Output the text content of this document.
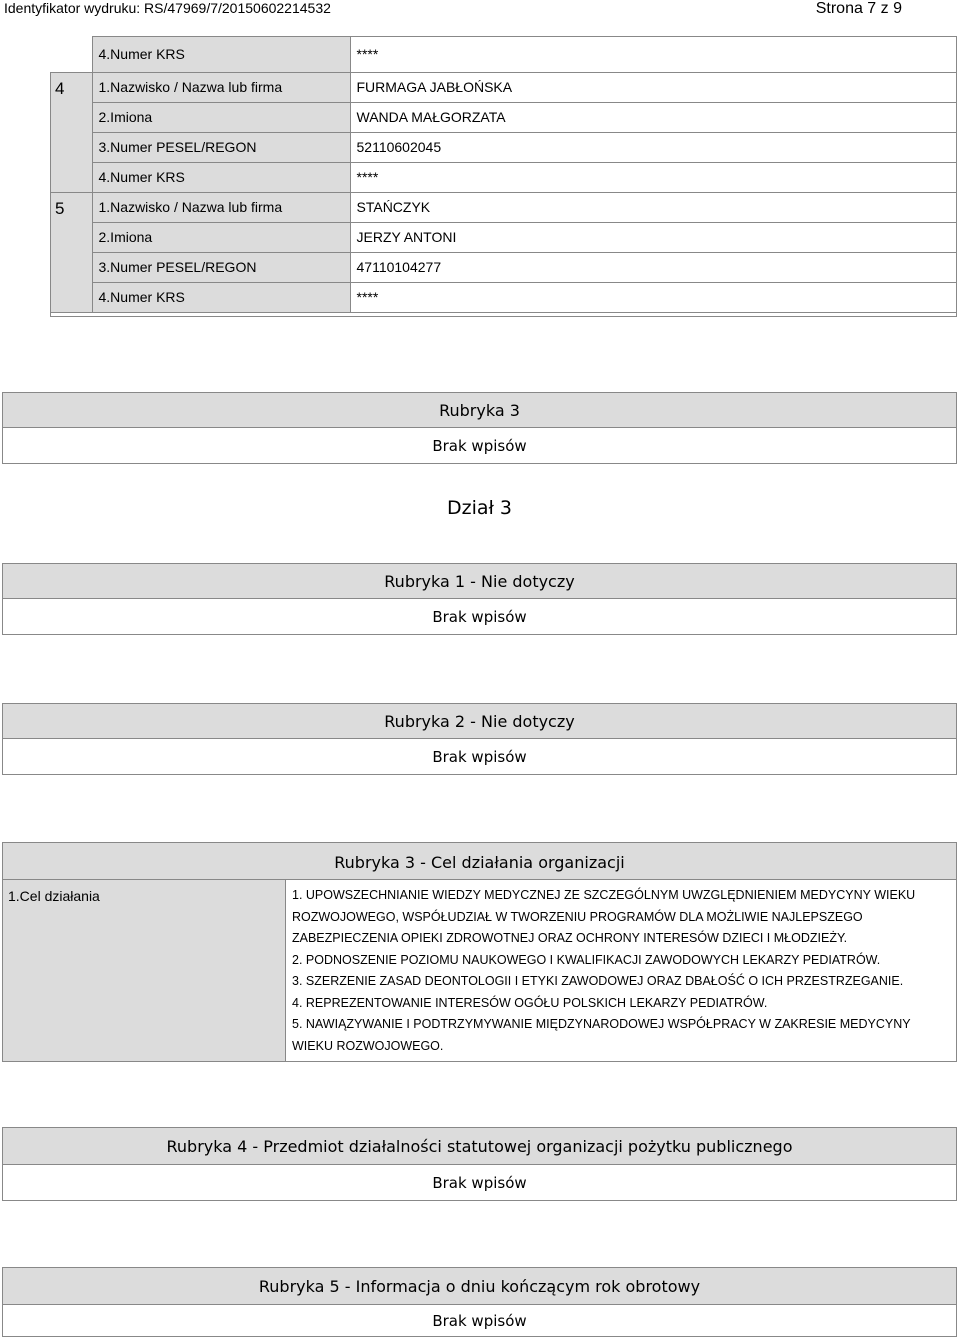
Identyfikator wydruku: RS/47969/7/20150602214532	Strona 7 z 9
	4.Numer KRS	****
4	1.Nazwisko / Nazwa lub firma	FURMAGA JABŁOŃSKA
	2.Imiona	WANDA MAŁGORZATA
	3.Numer PESEL/REGON	52110602045
	4.Numer KRS	****
5	1.Nazwisko / Nazwa lub firma	STAŃCZYK
	2.Imiona	JERZY ANTONI
	3.Numer PESEL/REGON	47110104277
	4.Numer KRS	****
Rubryka 3
Brak wpisów
Dział 3
Rubryka 1 - Nie dotyczy
Brak wpisów
Rubryka 2 - Nie dotyczy
Brak wpisów
Rubryka 3 - Cel działania organizacji
1.Cel działania	1. UPOWSZECHNIANIE WIEDZY MEDYCZNEJ ZE SZCZEGÓLNYM UWZGLĘDNIENIEM MEDYCYNY WIEKU

ROZWOJOWEGO, WSPÓŁUDZIAŁ W TWORZENIU PROGRAMÓW DLA MOŻLIWIE NAJLEPSZEGO

ZABEZPIECZENIA OPIEKI ZDROWOTNEJ ORAZ OCHRONY INTERESÓW DZIECI I MŁODZIEŻY.

2. PODNOSZENIE POZIOMU NAUKOWEGO I KWALIFIKACJI ZAWODOWYCH LEKARZY PEDIATRÓW.

3. SZERZENIE ZASAD DEONTOLOGII I ETYKI ZAWODOWEJ ORAZ DBAŁOŚĆ O ICH PRZESTRZEGANIE.

4. REPREZENTOWANIE INTERESÓW OGÓŁU POLSKICH LEKARZY PEDIATRÓW.

5. NAWIĄZYWANIE I PODTRZYMYWANIE MIĘDZYNARODOWEJ WSPÓŁPRACY W ZAKRESIE MEDYCYNY

WIEKU ROZWOJOWEGO.

Rubryka 4 - Przedmiot działalności statutowej organizacji pożytku publicznego
Brak wpisów
Rubryka 5 - Informacja o dniu kończącym rok obrotowy
Brak wpisów
